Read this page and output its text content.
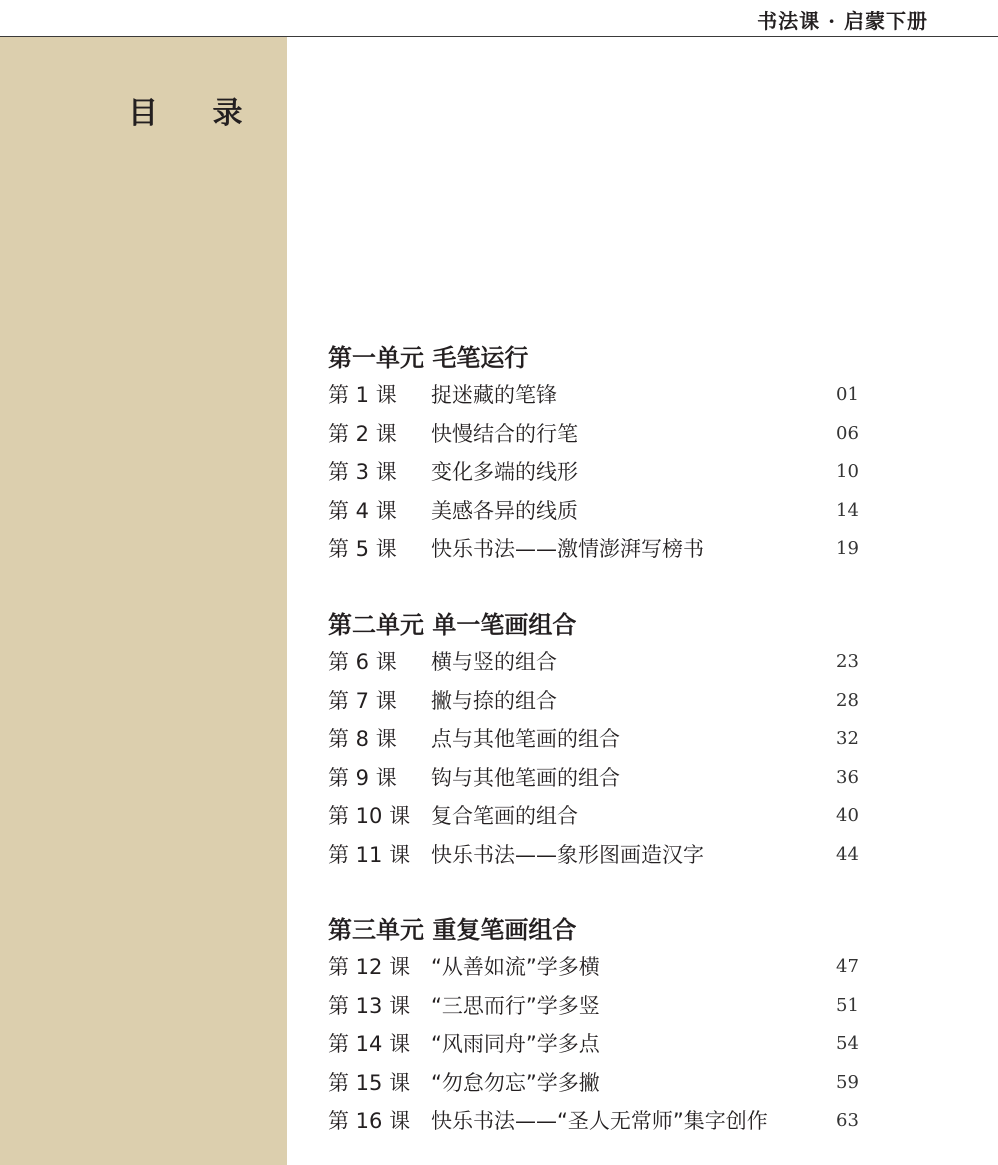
书法课 · 启蒙下册
目 录
第一单元 毛笔运行
第 1 课 捉迷藏的笔锋	01
第 2 课 快慢结合的行笔	06
第 3 课 变化多端的线形	10
第 4 课 美感各异的线质	14
第 5 课 快乐书法——激情澎湃写榜书	19
第二单元 单一笔画组合
第 6 课 横与竖的组合	23
第 7 课 撇与捺的组合	28
第 8 课 点与其他笔画的组合	32
第 9 课 钩与其他笔画的组合	36
第 10 课 复合笔画的组合	40
第 11 课 快乐书法——象形图画造汉字	44
第三单元 重复笔画组合
第 12 课 “从善如流”学多横	47
第 13 课 “三思而行”学多竖	51
第 14 课 “风雨同舟”学多点	54
第 15 课 “勿怠勿忘”学多撇	59
第 16 课 快乐书法——“圣人无常师”集字创作	63
